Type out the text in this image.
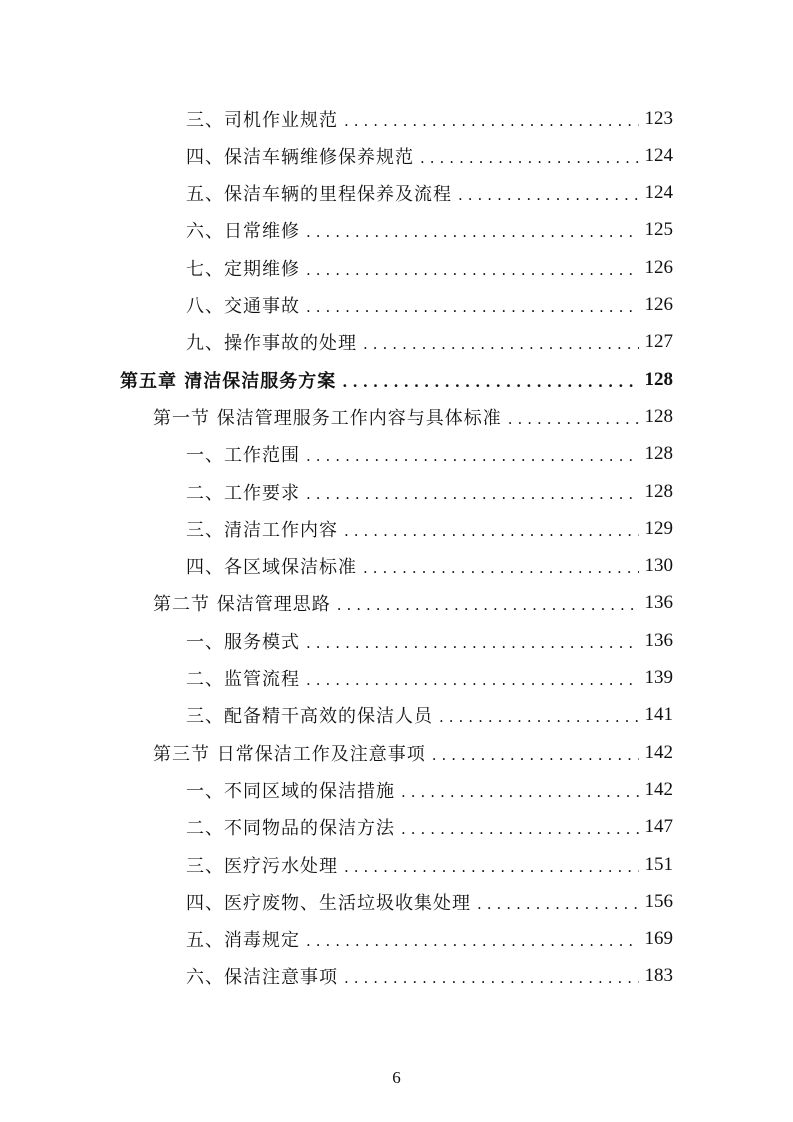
三、司机作业规范 .....	123
四、保洁车辆维修保养规范 .....	124
五、保洁车辆的里程保养及流程 .....	124
六、日常维修 .....	125
七、定期维修 .....	126
八、交通事故 .....	126
九、操作事故的处理 .....	127
第五章 清洁保洁服务方案 .....	128
第一节 保洁管理服务工作内容与具体标准 .....	128
一、工作范围 .....	128
二、工作要求 .....	128
三、清洁工作内容 .....	129
四、各区域保洁标准 .....	130
第二节 保洁管理思路 .....	136
一、服务模式 .....	136
二、监管流程 .....	139
三、配备精干高效的保洁人员 .....	141
第三节 日常保洁工作及注意事项 .....	142
一、不同区域的保洁措施 .....	142
二、不同物品的保洁方法 .....	147
三、医疗污水处理 .....	151
四、医疗废物、生活垃圾收集处理 .....	156
五、消毒规定 .....	169
六、保洁注意事项 .....	183
6
